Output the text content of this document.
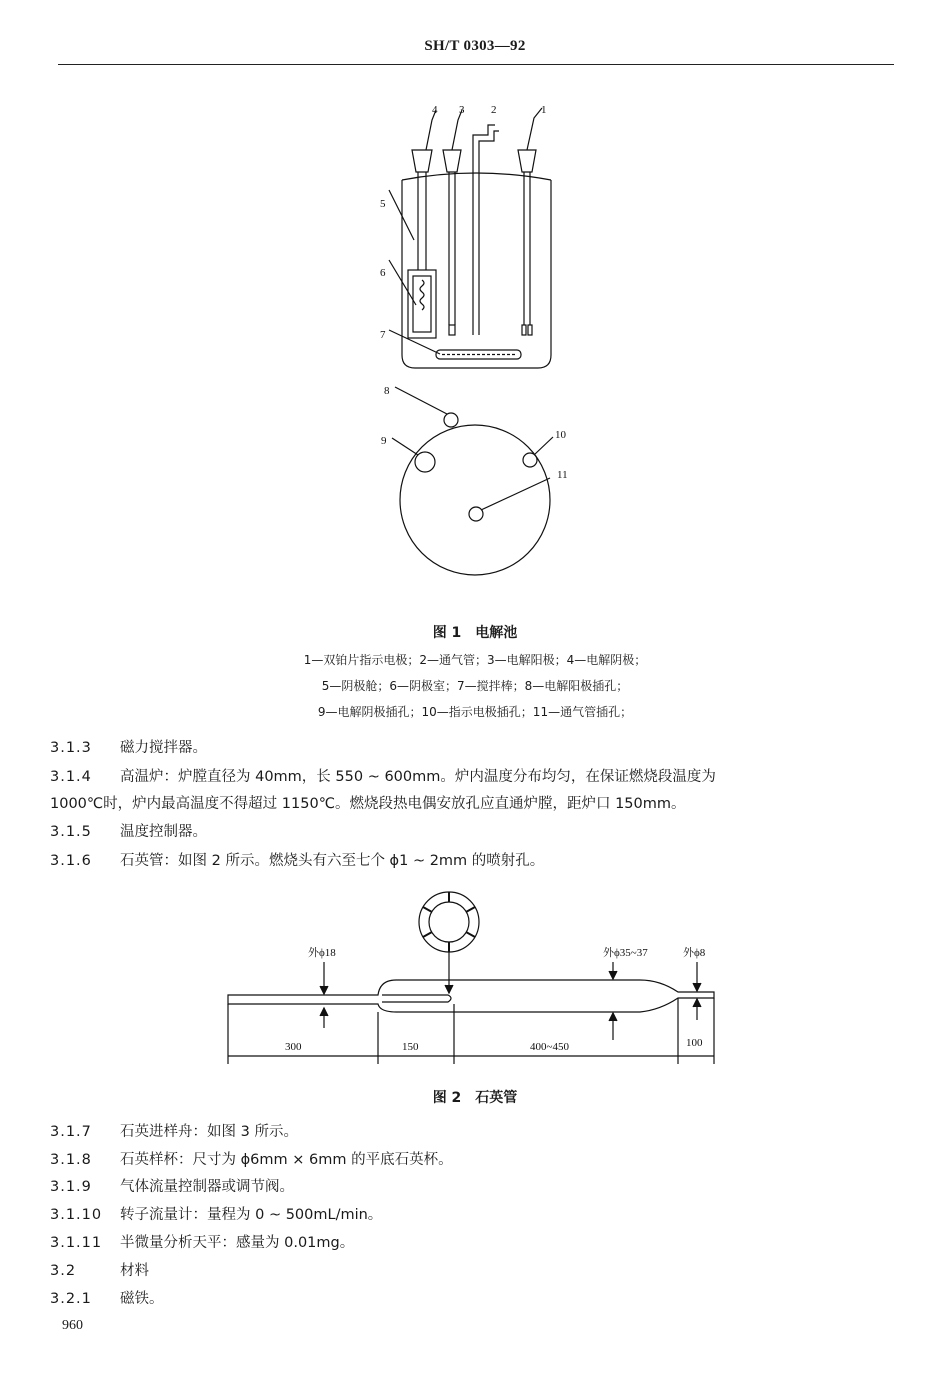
SH/T 0303—92
4 3 2	1
5
6
7
8
9	10
11
图 1　电解池
1—双铂片指示电极；2—通气管；3—电解阳极；4—电解阴极；
5—阴极舱；6—阴极室；7—搅拌棒；8—电解阳极插孔；
9—电解阴极插孔；10—指示电极插孔；11—通气管插孔；
3.1.3 磁力搅拌器。
3.1.4 高温炉：炉膛直径为 40mm，长 550 ~ 600mm。炉内温度分布均匀，在保证燃烧段温度为
1000℃时，炉内最高温度不得超过 1150℃。燃烧段热电偶安放孔应直通炉膛，距炉口 150mm。
3.1.5 温度控制器。
3.1.6 石英管：如图 2 所示。燃烧头有六至七个 ϕ1 ~ 2mm 的喷射孔。
外ϕ18	外ϕ35~37	外ϕ8
300	150	400~450	100
图 2　石英管
3.1.7 石英进样舟：如图 3 所示。
3.1.8 石英样杯：尺寸为 ϕ6mm × 6mm 的平底石英杯。
3.1.9 气体流量控制器或调节阀。
3.1.10 转子流量计：量程为 0 ~ 500mL/min。
3.1.11 半微量分析天平：感量为 0.01mg。
3.2	材料
3.2.1 磁铁。
960
